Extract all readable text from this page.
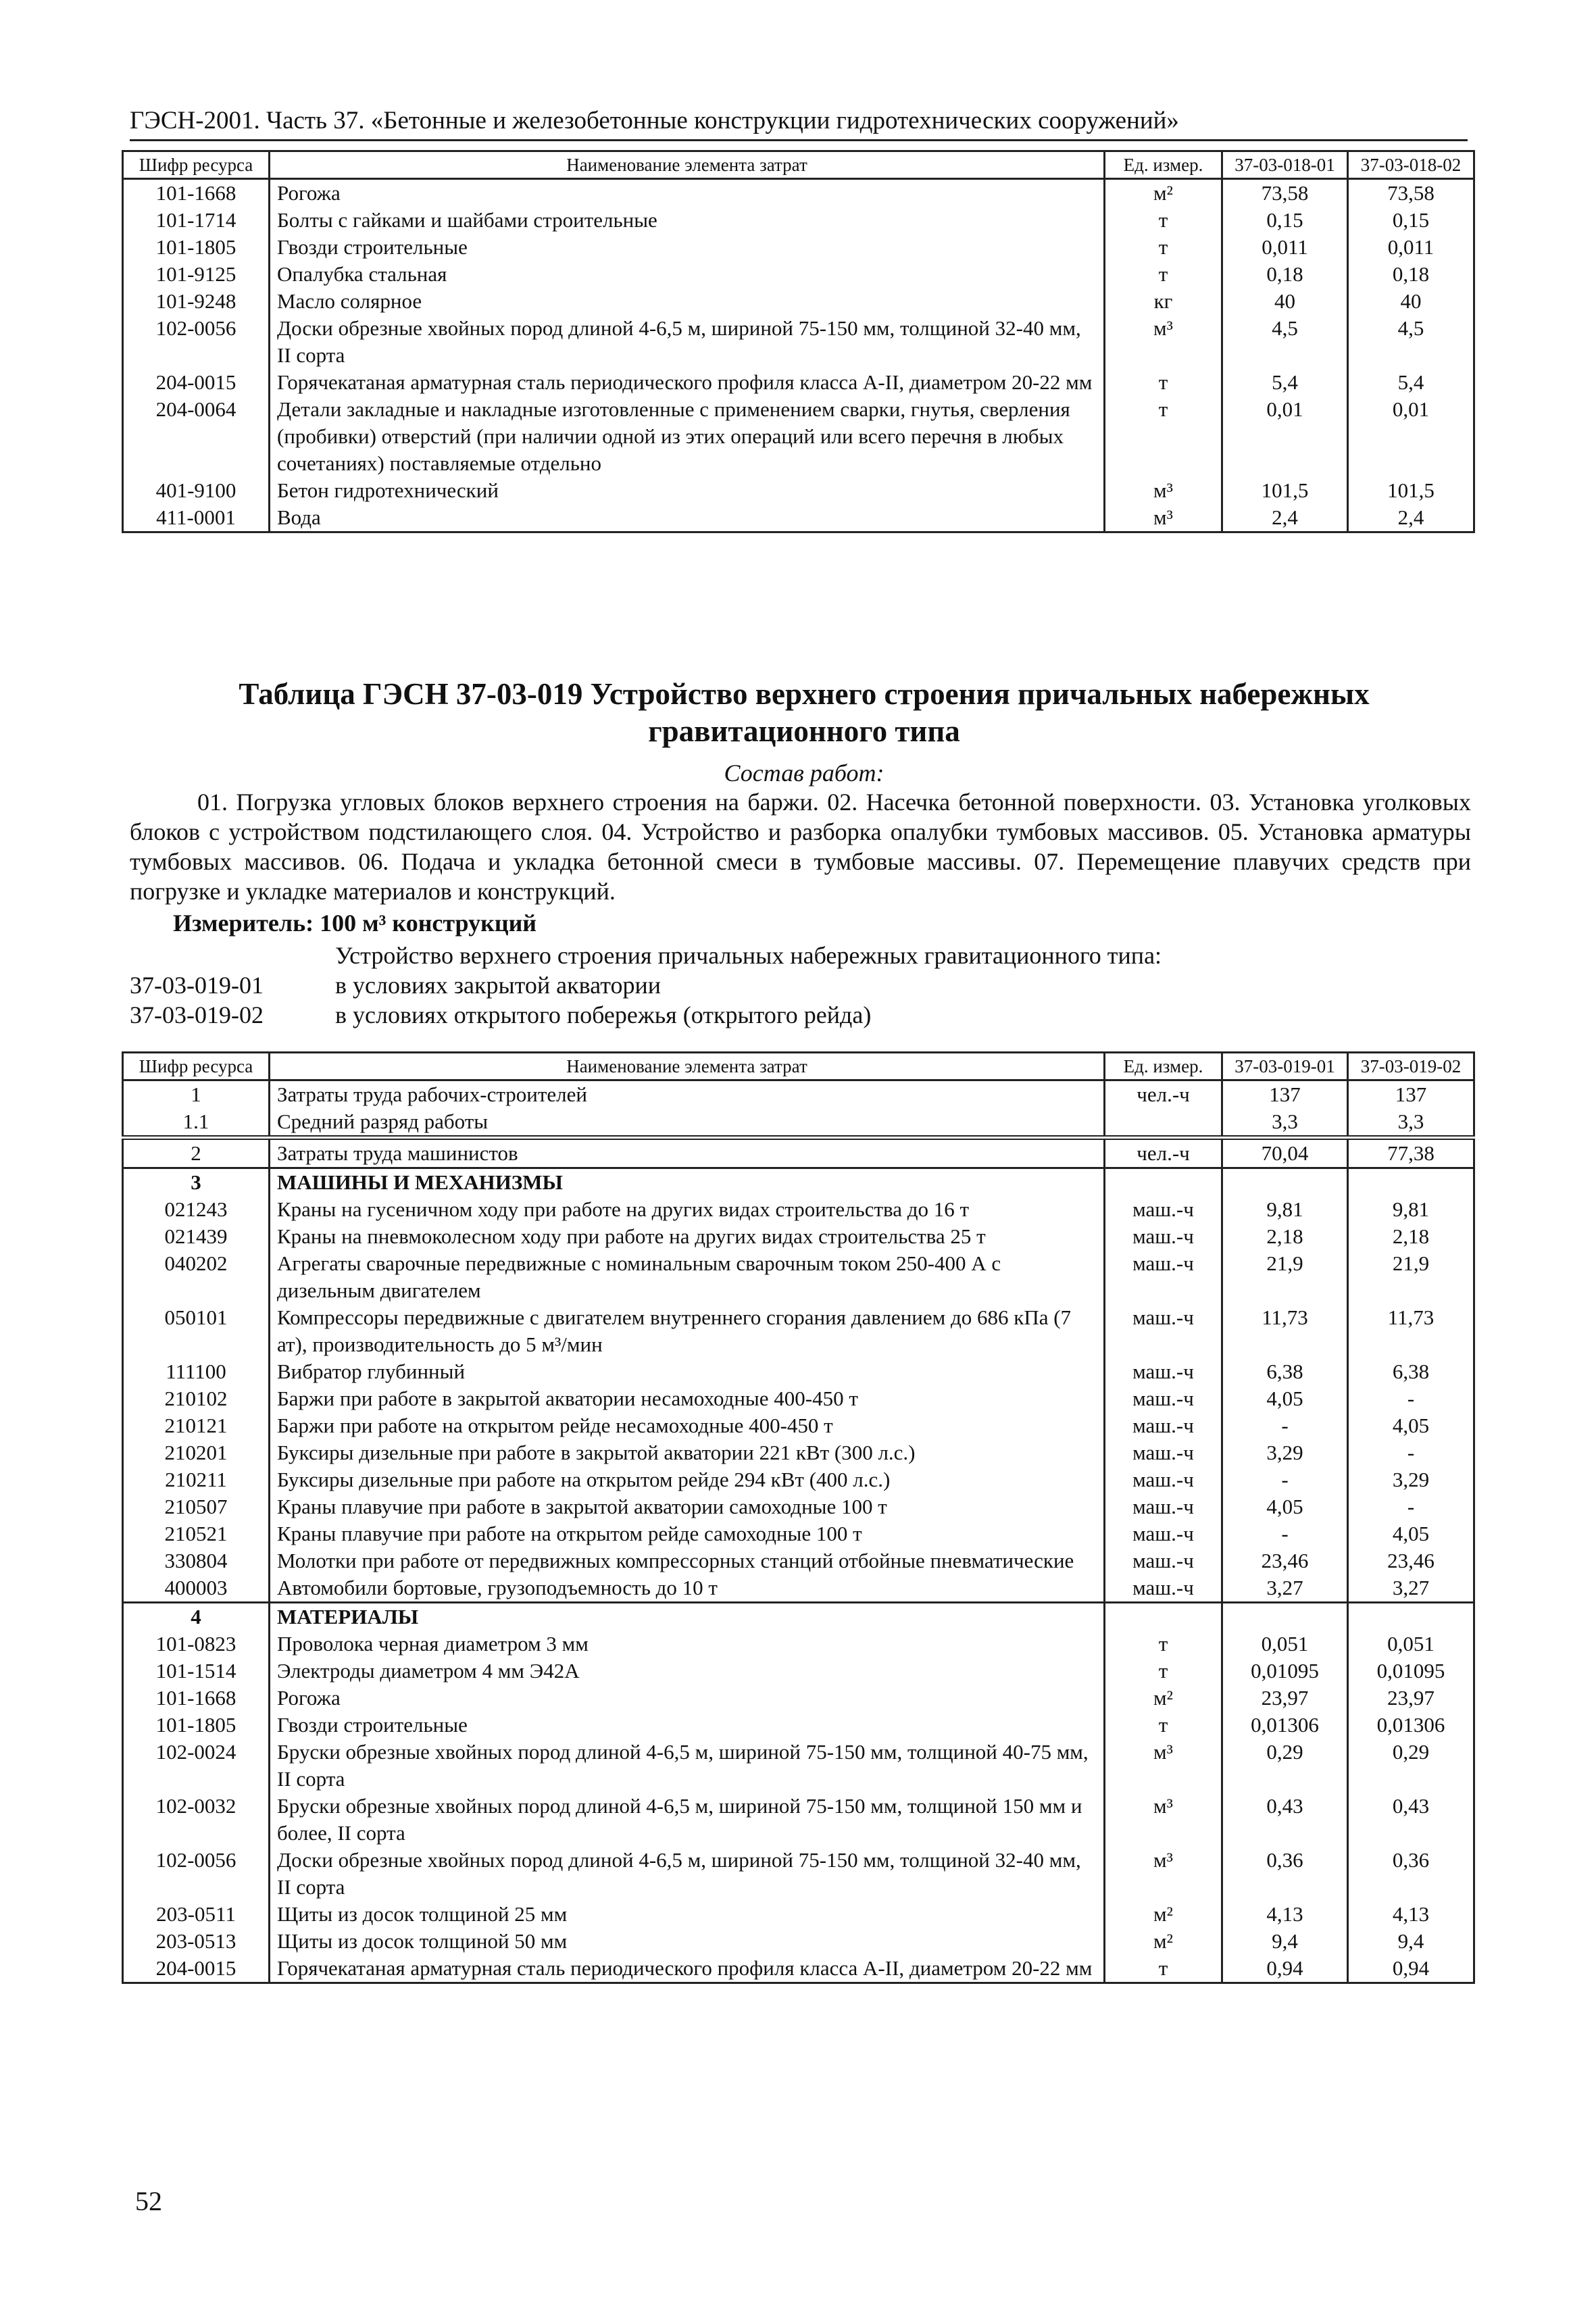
ГЭСН-2001. Часть 37. «Бетонные и железобетонные конструкции гидротехнических сооружений»
Шифр ресурса	Наименование элемента затрат	Ед. измер.	37-03-018-01	37-03-018-02
101-1668	Рогожа	м²	73,58	73,58
101-1714	Болты с гайками и шайбами строительные	т	0,15	0,15
101-1805	Гвозди строительные	т	0,011	0,011
101-9125	Опалубка стальная	т	0,18	0,18
101-9248	Масло солярное	кг	40	40
102-0056	Доски обрезные хвойных пород длиной 4-6,5 м, шириной 75-150 мм, толщиной 32-40 мм, II сорта	м³	4,5	4,5
204-0015	Горячекатаная арматурная сталь периодического профиля класса А-II, диаметром 20-22 мм	т	5,4	5,4
204-0064	Детали закладные и накладные изготовленные с применением сварки, гнутья, сверления (пробивки) отверстий (при наличии одной из этих операций или всего перечня в любых сочетаниях) поставляемые отдельно	т	0,01	0,01
401-9100	Бетон гидротехнический	м³	101,5	101,5
411-0001	Вода	м³	2,4	2,4
Таблица ГЭСН 37-03-019 Устройство верхнего строения причальных набережных гравитационного типа
Состав работ:
01. Погрузка угловых блоков верхнего строения на баржи. 02. Насечка бетонной поверхности. 03. Установка уголковых блоков с устройством подстилающего слоя. 04. Устройство и разборка опалубки тумбовых массивов. 05. Установка арматуры тумбовых массивов. 06. Подача и укладка бетонной смеси в тумбовые массивы. 07. Перемещение плавучих средств при погрузке и укладке материалов и конструкций.
Измеритель: 100 м³ конструкций
Устройство верхнего строения причальных набережных гравитационного типа:
37-03-019-01	в условиях закрытой акватории
37-03-019-02	в условиях открытого побережья (открытого рейда)
Шифр ресурса	Наименование элемента затрат	Ед. измер.	37-03-019-01	37-03-019-02
1	Затраты труда рабочих-строителей	чел.-ч	137	137
1.1	Средний разряд работы		3,3	3,3
2	Затраты труда машинистов	чел.-ч	70,04	77,38
3	МАШИНЫ И МЕХАНИЗМЫ			
021243	Краны на гусеничном ходу при работе на других видах строительства до 16 т	маш.-ч	9,81	9,81
021439	Краны на пневмоколесном ходу при работе на других видах строительства 25 т	маш.-ч	2,18	2,18
040202	Агрегаты сварочные передвижные с номинальным сварочным током 250-400 А с дизельным двигателем	маш.-ч	21,9	21,9
050101	Компрессоры передвижные с двигателем внутреннего сгорания давлением до 686 кПа (7 ат), производительность до 5 м³/мин	маш.-ч	11,73	11,73
111100	Вибратор глубинный	маш.-ч	6,38	6,38
210102	Баржи при работе в закрытой акватории несамоходные 400-450 т	маш.-ч	4,05	-
210121	Баржи при работе на открытом рейде несамоходные 400-450 т	маш.-ч	-	4,05
210201	Буксиры дизельные при работе в закрытой акватории 221 кВт (300 л.с.)	маш.-ч	3,29	-
210211	Буксиры дизельные при работе на открытом рейде 294 кВт (400 л.с.)	маш.-ч	-	3,29
210507	Краны плавучие при работе в закрытой акватории самоходные 100 т	маш.-ч	4,05	-
210521	Краны плавучие при работе на открытом рейде самоходные 100 т	маш.-ч	-	4,05
330804	Молотки при работе от передвижных компрессорных станций отбойные пневматические	маш.-ч	23,46	23,46
400003	Автомобили бортовые, грузоподъемность до 10 т	маш.-ч	3,27	3,27
4	МАТЕРИАЛЫ			
101-0823	Проволока черная диаметром 3 мм	т	0,051	0,051
101-1514	Электроды диаметром 4 мм Э42А	т	0,01095	0,01095
101-1668	Рогожа	м²	23,97	23,97
101-1805	Гвозди строительные	т	0,01306	0,01306
102-0024	Бруски обрезные хвойных пород длиной 4-6,5 м, шириной 75-150 мм, толщиной 40-75 мм, II сорта	м³	0,29	0,29
102-0032	Бруски обрезные хвойных пород длиной 4-6,5 м, шириной 75-150 мм, толщиной 150 мм и более, II сорта	м³	0,43	0,43
102-0056	Доски обрезные хвойных пород длиной 4-6,5 м, шириной 75-150 мм, толщиной 32-40 мм, II сорта	м³	0,36	0,36
203-0511	Щиты из досок толщиной 25 мм	м²	4,13	4,13
203-0513	Щиты из досок толщиной 50 мм	м²	9,4	9,4
204-0015	Горячекатаная арматурная сталь периодического профиля класса А-II, диаметром 20-22 мм	т	0,94	0,94
52
